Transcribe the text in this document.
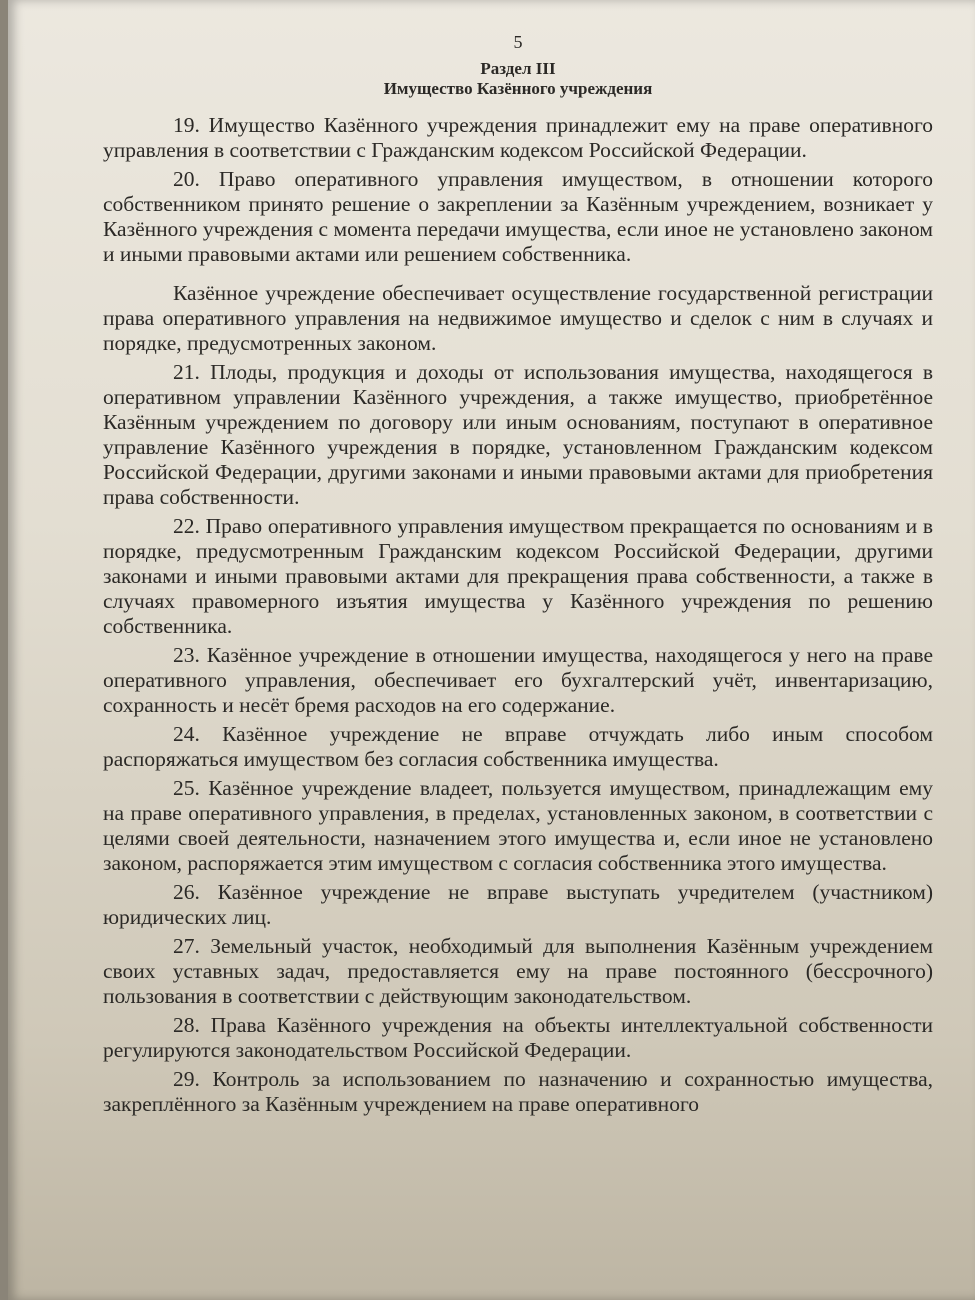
5
Раздел III
Имущество Казённого учреждения

19. Имущество Казённого учреждения принадлежит ему на праве оперативного управления в соответствии с Гражданским кодексом Российской Федерации.

20. Право оперативного управления имуществом, в отношении которого собственником принято решение о закреплении за Казённым учреждением, возникает у Казённого учреждения с момента передачи имущества, если иное не установлено законом и иными правовыми актами или решением собственника.

Казённое учреждение обеспечивает осуществление государственной регистрации права оперативного управления на недвижимое имущество и сделок с ним в случаях и порядке, предусмотренных законом.

21. Плоды, продукция и доходы от использования имущества, находящегося в оперативном управлении Казённого учреждения, а также имущество, приобретённое Казённым учреждением по договору или иным основаниям, поступают в оперативное управление Казённого учреждения в порядке, установленном Гражданским кодексом Российской Федерации, другими законами и иными правовыми актами для приобретения права собственности.

22. Право оперативного управления имуществом прекращается по основаниям и в порядке, предусмотренным Гражданским кодексом Российской Федерации, другими законами и иными правовыми актами для прекращения права собственности, а также в случаях правомерного изъятия имущества у Казённого учреждения по решению собственника.

23. Казённое учреждение в отношении имущества, находящегося у него на праве оперативного управления, обеспечивает его бухгалтерский учёт, инвентаризацию, сохранность и несёт бремя расходов на его содержание.

24. Казённое учреждение не вправе отчуждать либо иным способом распоряжаться имуществом без согласия собственника имущества.

25. Казённое учреждение владеет, пользуется имуществом, принадлежащим ему на праве оперативного управления, в пределах, установленных законом, в соответствии с целями своей деятельности, назначением этого имущества и, если иное не установлено законом, распоряжается этим имуществом с согласия собственника этого имущества.

26. Казённое учреждение не вправе выступать учредителем (участником) юридических лиц.

27. Земельный участок, необходимый для выполнения Казённым учреждением своих уставных задач, предоставляется ему на праве постоянного (бессрочного) пользования в соответствии с действующим законодательством.

28. Права Казённого учреждения на объекты интеллектуальной собственности регулируются законодательством Российской Федерации.

29. Контроль за использованием по назначению и сохранностью имущества, закреплённого за Казённым учреждением на праве оперативного
